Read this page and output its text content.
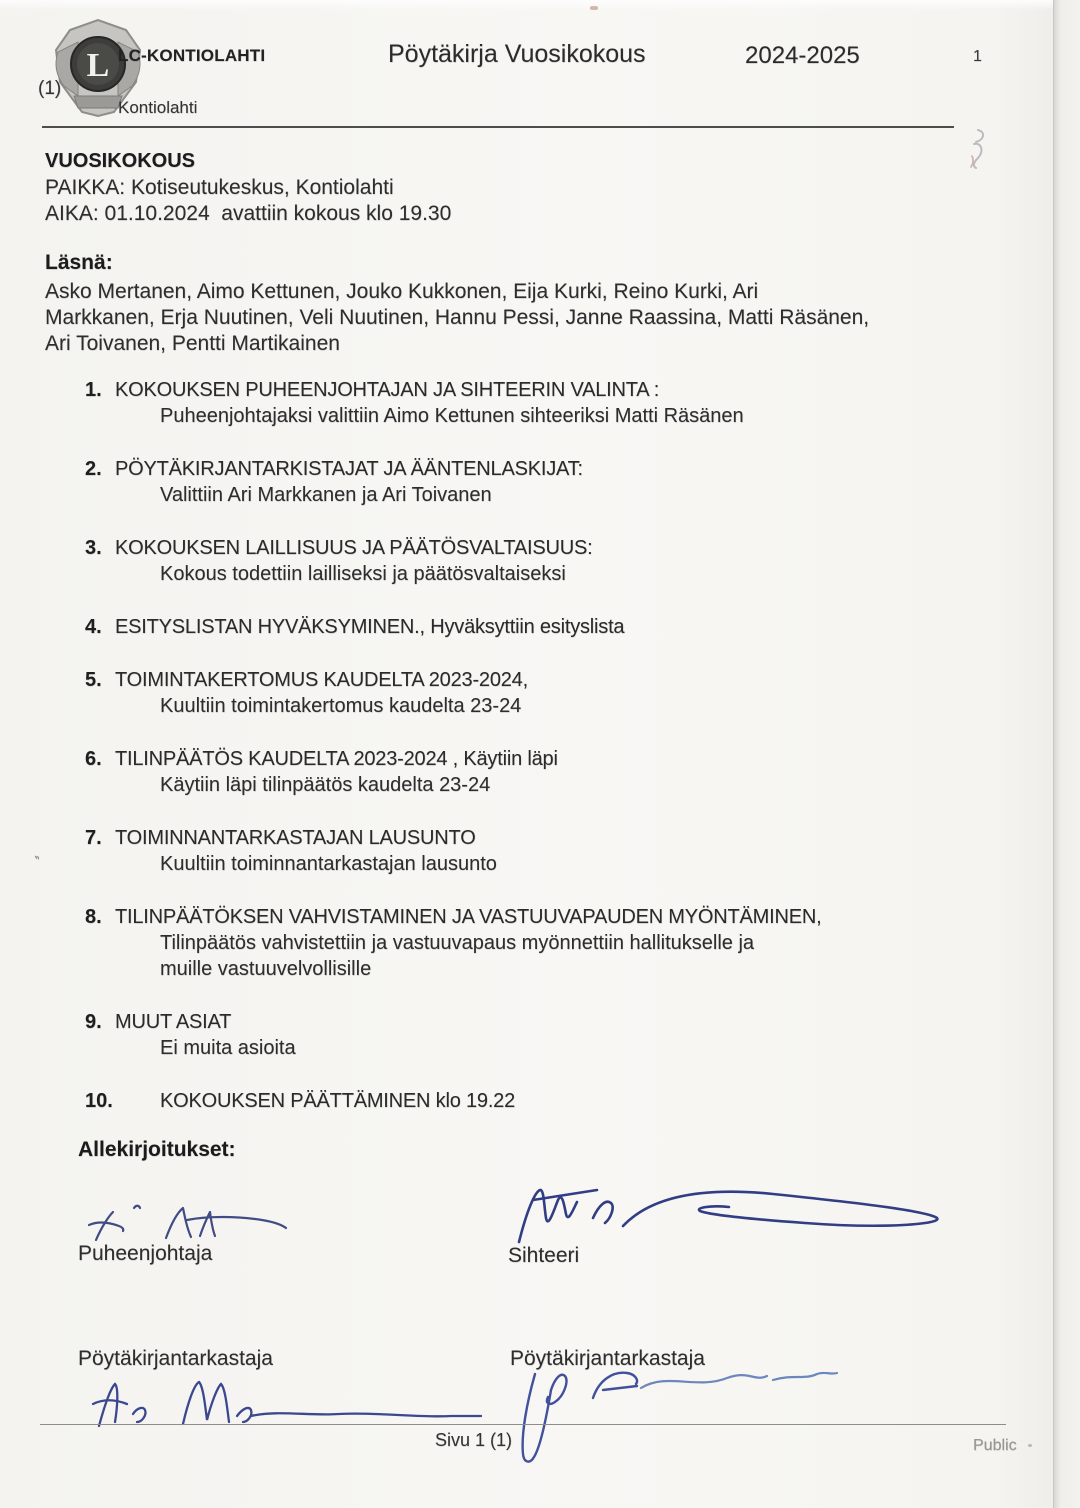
L LC-KONTIOLAHTI	Pöytäkirja Vuosikokous	2024-2025	1
(1)
Kontiolahti
VUOSIKOKOUS
PAIKKA: Kotiseutukeskus, Kontiolahti
AIKA: 01.10.2024  avattiin kokous klo 19.30
Läsnä:
Asko Mertanen, Aimo Kettunen, Jouko Kukkonen, Eija Kurki, Reino Kurki, Ari
Markkanen, Erja Nuutinen, Veli Nuutinen, Hannu Pessi, Janne Raassina, Matti Räsänen,
Ari Toivanen, Pentti Martikainen
1. KOKOUKSEN PUHEENJOHTAJAN JA SIHTEERIN VALINTA :
Puheenjohtajaksi valittiin Aimo Kettunen sihteeriksi Matti Räsänen
2. PÖYTÄKIRJANTARKISTAJAT JA ÄÄNTENLASKIJAT:
Valittiin Ari Markkanen ja Ari Toivanen
3. KOKOUKSEN LAILLISUUS JA PÄÄTÖSVALTAISUUS:
Kokous todettiin lailliseksi ja päätösvaltaiseksi
4. ESITYSLISTAN HYVÄKSYMINEN., Hyväksyttiin esityslista
5. TOIMINTAKERTOMUS KAUDELTA 2023-2024,
Kuultiin toimintakertomus kaudelta 23-24
6. TILINPÄÄTÖS KAUDELTA 2023-2024 , Käytiin läpi
Käytiin läpi tilinpäätös kaudelta 23-24
7. TOIMINNANTARKASTAJAN LAUSUNTO
Kuultiin toiminnantarkastajan lausunto
8. TILINPÄÄTÖKSEN VAHVISTAMINEN JA VASTUUVAPAUDEN MYÖNTÄMINEN,
Tilinpäätös vahvistettiin ja vastuuvapaus myönnettiin hallitukselle ja
muille vastuuvelvollisille
9. MUUT ASIAT
Ei muita asioita
10. KOKOUKSEN PÄÄTTÄMINEN klo 19.22
‶
Allekirjoitukset:
Puheenjohtaja	Sihteeri
Pöytäkirjantarkastaja	Pöytäkirjantarkastaja
Sivu 1 (1)	Public
